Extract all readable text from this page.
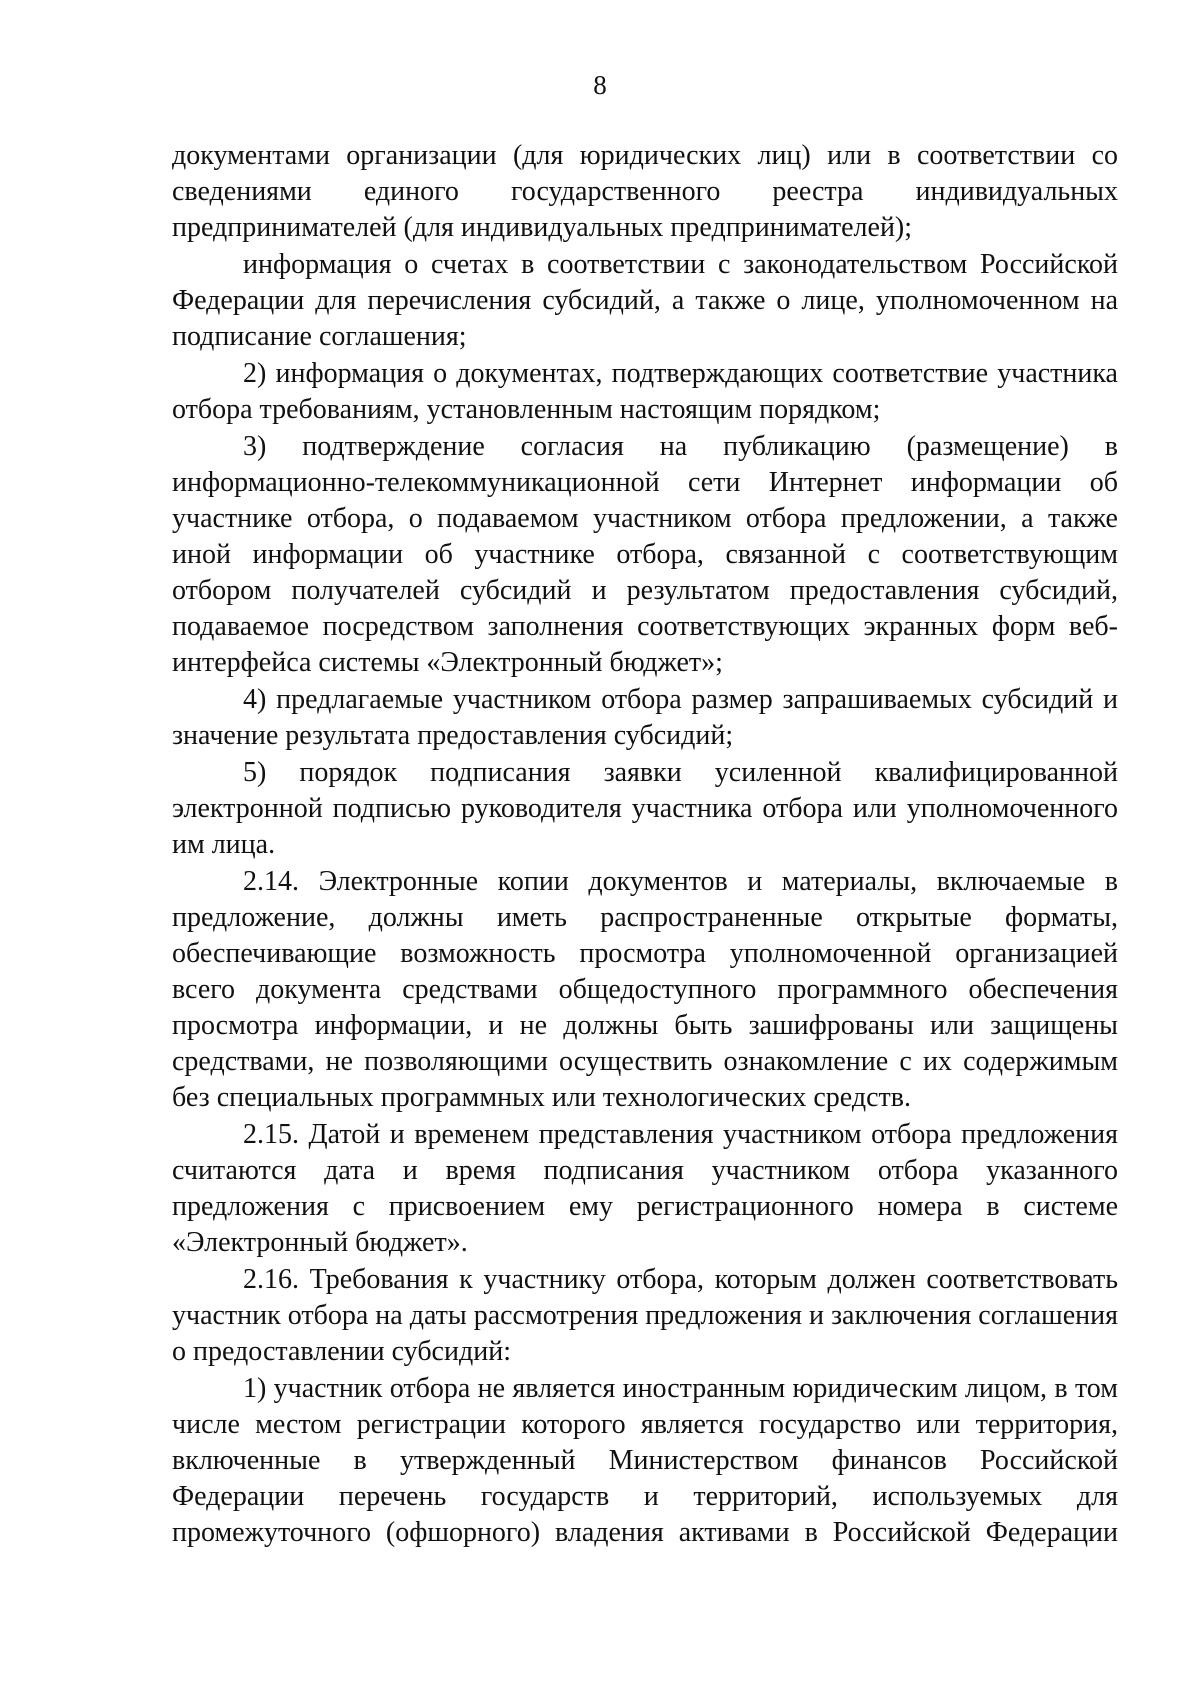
8

документами организации (для юридических лиц) или в соответствии со сведениями единого государственного реестра индивидуальных предпринимателей (для индивидуальных предпринимателей);

информация о счетах в соответствии с законодательством Российской Федерации для перечисления субсидий, а также о лице, уполномоченном на подписание соглашения;

2) информация о документах, подтверждающих соответствие участника отбора требованиям, установленным настоящим порядком;

3) подтверждение согласия на публикацию (размещение) в информационно-телекоммуникационной сети Интернет информации об участнике отбора, о подаваемом участником отбора предложении, а также иной информации об участнике отбора, связанной с соответствующим отбором получателей субсидий и результатом предоставления субсидий, подаваемое посредством заполнения соответствующих экранных форм веб-интерфейса системы «Электронный бюджет»;

4) предлагаемые участником отбора размер запрашиваемых субсидий и значение результата предоставления субсидий;

5) порядок подписания заявки усиленной квалифицированной электронной подписью руководителя участника отбора или уполномоченного им лица.

2.14. Электронные копии документов и материалы, включаемые в предложение, должны иметь распространенные открытые форматы, обеспечивающие возможность просмотра уполномоченной организацией всего документа средствами общедоступного программного обеспечения просмотра информации, и не должны быть зашифрованы или защищены средствами, не позволяющими осуществить ознакомление с их содержимым без специальных программных или технологических средств.

2.15. Датой и временем представления участником отбора предложения считаются дата и время подписания участником отбора указанного предложения с присвоением ему регистрационного номера в системе «Электронный бюджет».

2.16. Требования к участнику отбора, которым должен соответствовать участник отбора на даты рассмотрения предложения и заключения соглашения о предоставлении субсидий:

1) участник отбора не является иностранным юридическим лицом, в том числе местом регистрации которого является государство или территория, включенные в утвержденный Министерством финансов Российской Федерации перечень государств и территорий, используемых для промежуточного (офшорного) владения активами в Российской Федерации
